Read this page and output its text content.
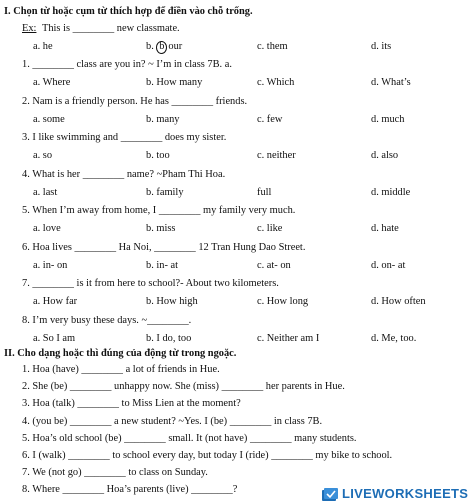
I. Chọn từ hoặc cụm từ thích hợp để điền vào chỗ trống.
Ex: This is ________ new classmate.
a. he	b. b our	c. them	d. its
1. ________ class are you in? ~ I’m in class 7B. a.
a. Where	b. How many	c. Which	d. What’s
2. Nam is a friendly person. He has ________ friends.
a. some	b. many	c. few	d. much
3. I like swimming and ________ does my sister.
a. so	b. too	c. neither	d. also
4. What is her ________ name? ~Pham Thi Hoa.
a. last	b. family	full	d. middle
5. When I’m away from home, I ________ my family very much.
a. love	b. miss	c. like	d. hate
6. Hoa lives ________ Ha Noi, ________ 12 Tran Hung Dao Street.
a. in- on	b. in- at	c. at- on	d. on- at
7. ________ is it from here to school?- About two kilometers.
a. How far	b. How high	c. How long	d. How often
8. I’m very busy these days. ~________.
a. So I am	b. I do, too	c. Neither am I	d. Me, too.
II. Cho dạng hoặc thì đúng của động từ trong ngoặc.
1. Hoa (have) ________ a lot of friends in Hue.
2. She (be) ________ unhappy now. She (miss) ________ her parents in Hue.
3. Hoa (talk) ________ to Miss Lien at the moment?
4. (you be) ________ a new student? ~Yes. I (be) ________ in class 7B.
5. Hoa’s old school (be) ________ small. It (not have) ________ many students.
6. I (walk) ________ to school every day, but today I (ride) ________ my bike to school.
7. We (not go) ________ to class on Sunday.
8. Where ________ Hoa’s parents (live) ________?	LIVEWORKSHEETS
